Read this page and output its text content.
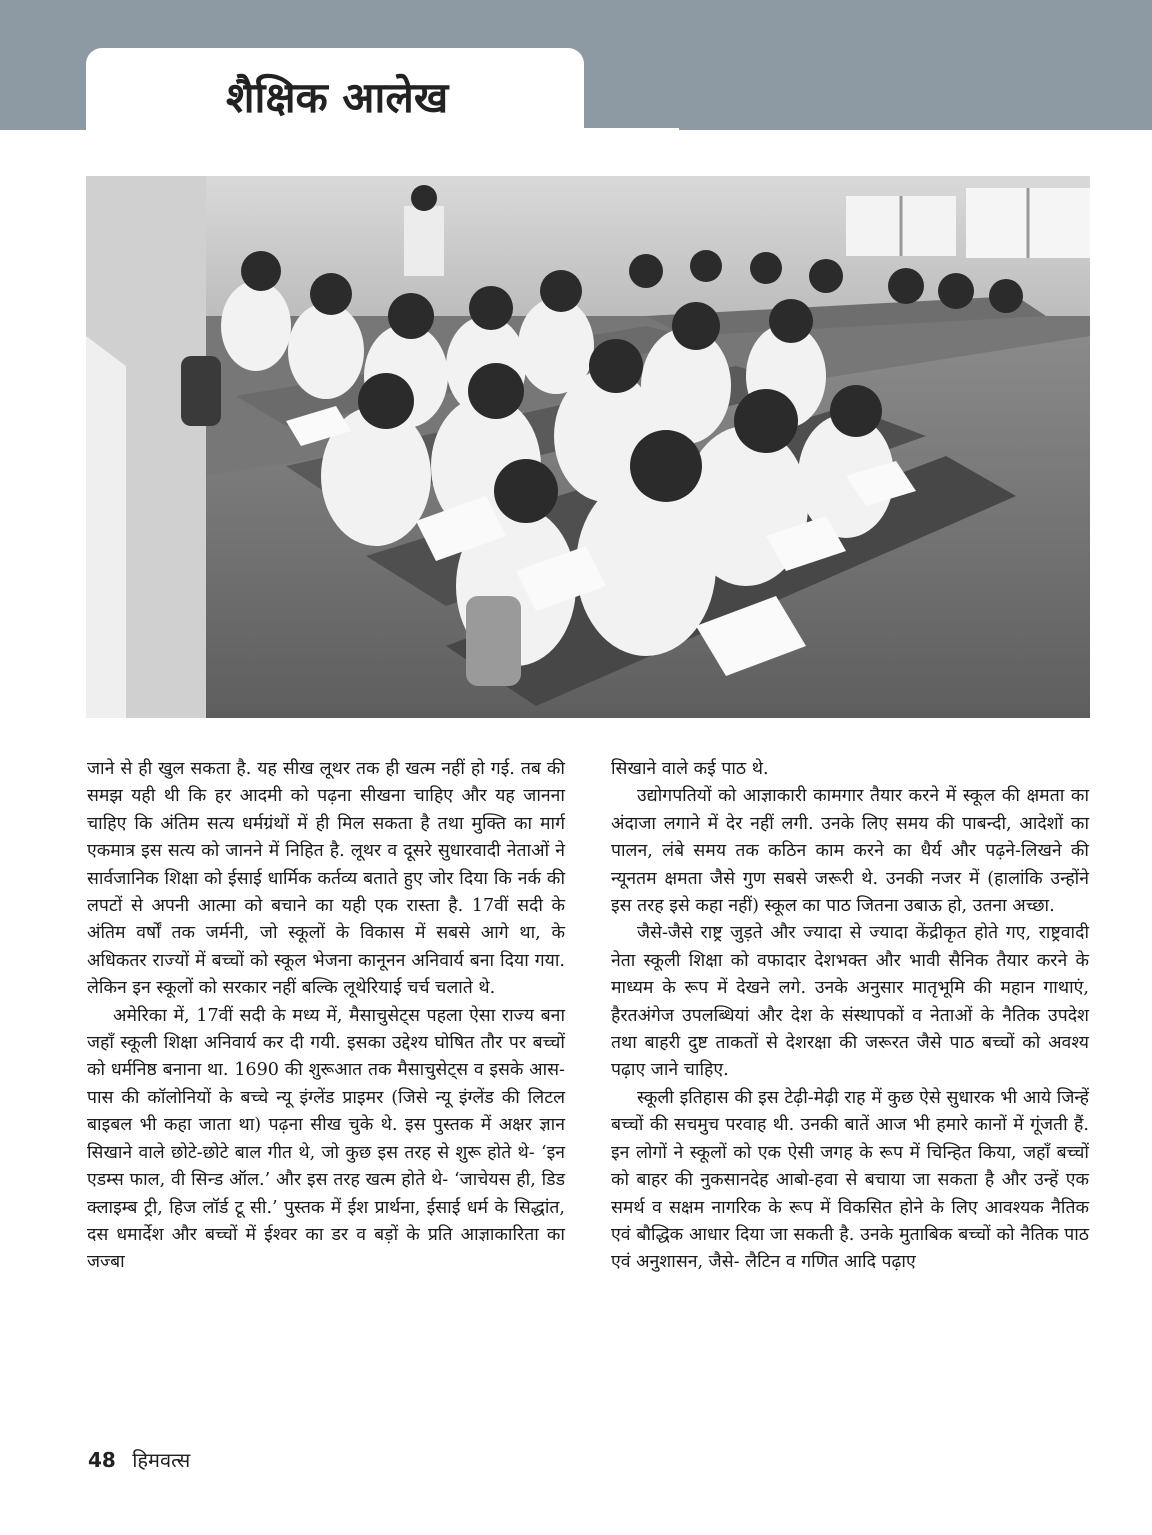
शैक्षिक आलेख

जाने से ही खुल सकता है. यह सीख लूथर तक ही खत्म नहीं हो गई. तब की समझ यही थी कि हर आदमी को पढ़ना सीखना चाहिए और यह जानना चाहिए कि अंतिम सत्य धर्मग्रंथों में ही मिल सकता है तथा मुक्ति का मार्ग एकमात्र इस सत्य को जानने में निहित है. लूथर व दूसरे सुधारवादी नेताओं ने सार्वजानिक शिक्षा को ईसाई धार्मिक कर्तव्य बताते हुए जोर दिया कि नर्क की लपटों से अपनी आत्मा को बचाने का यही एक रास्ता है. 17वीं सदी के अंतिम वर्षों तक जर्मनी, जो स्कूलों के विकास में सबसे आगे था, के अधिकतर राज्यों में बच्चों को स्कूल भेजना कानूनन अनिवार्य बना दिया गया. लेकिन इन स्कूलों को सरकार नहीं बल्कि लूथेरियाई चर्च चलाते थे.

अमेरिका में, 17वीं सदी के मध्य में, मैसाचुसेट्स पहला ऐसा राज्य बना जहाँ स्कूली शिक्षा अनिवार्य कर दी गयी. इसका उद्देश्य घोषित तौर पर बच्चों को धर्मनिष्ठ बनाना था. 1690 की शुरूआत तक मैसाचुसेट्स व इसके आस-पास की कॉलोनियों के बच्चे न्यू इंग्लेंड प्राइमर (जिसे न्यू इंग्लेंड की लिटल बाइबल भी कहा जाता था) पढ़ना सीख चुके थे. इस पुस्तक में अक्षर ज्ञान सिखाने वाले छोटे-छोटे बाल गीत थे, जो कुछ इस तरह से शुरू होते थे- ‘इन एडम्स फाल, वी सिन्ड ऑल.’ और इस तरह खत्म होते थे- ‘जाचेयस ही, डिड क्लाइम्ब ट्री, हिज लॉर्ड टू सी.’ पुस्तक में ईश प्रार्थना, ईसाई धर्म के सिद्धांत, दस धमार्देश और बच्चों में ईश्वर का डर व बड़ों के प्रति आज्ञाकारिता का जज्बा

सिखाने वाले कई पाठ थे.

उद्योगपतियों को आज्ञाकारी कामगार तैयार करने में स्कूल की क्षमता का अंदाजा लगाने में देर नहीं लगी. उनके लिए समय की पाबन्दी, आदेशों का पालन, लंबे समय तक कठिन काम करने का धैर्य और पढ़ने-लिखने की न्यूनतम क्षमता जैसे गुण सबसे जरूरी थे. उनकी नजर में (हालांकि उन्होंने इस तरह इसे कहा नहीं) स्कूल का पाठ जितना उबाऊ हो, उतना अच्छा.

जैसे-जैसे राष्ट्र जुड़ते और ज्यादा से ज्यादा केंद्रीकृत होते गए, राष्ट्रवादी नेता स्कूली शिक्षा को वफादार देशभक्त और भावी सैनिक तैयार करने के माध्यम के रूप में देखने लगे. उनके अनुसार मातृभूमि की महान गाथाएं, हैरतअंगेज उपलब्धियां और देश के संस्थापकों व नेताओं के नैतिक उपदेश तथा बाहरी दुष्ट ताकतों से देशरक्षा की जरूरत जैसे पाठ बच्चों को अवश्य पढ़ाए जाने चाहिए.

स्कूली इतिहास की इस टेढ़ी-मेढ़ी राह में कुछ ऐसे सुधारक भी आये जिन्हें बच्चों की सचमुच परवाह थी. उनकी बातें आज भी हमारे कानों में गूंजती हैं. इन लोगों ने स्कूलों को एक ऐसी जगह के रूप में चिन्हित किया, जहाँ बच्चों को बाहर की नुकसानदेह आबो-हवा से बचाया जा सकता है और उन्हें एक समर्थ व सक्षम नागरिक के रूप में विकसित होने के लिए आवश्यक नैतिक एवं बौद्धिक आधार दिया जा सकती है. उनके मुताबिक बच्चों को नैतिक पाठ एवं अनुशासन, जैसे- लैटिन व गणित आदि पढ़ाए

48 हिमवत्स
